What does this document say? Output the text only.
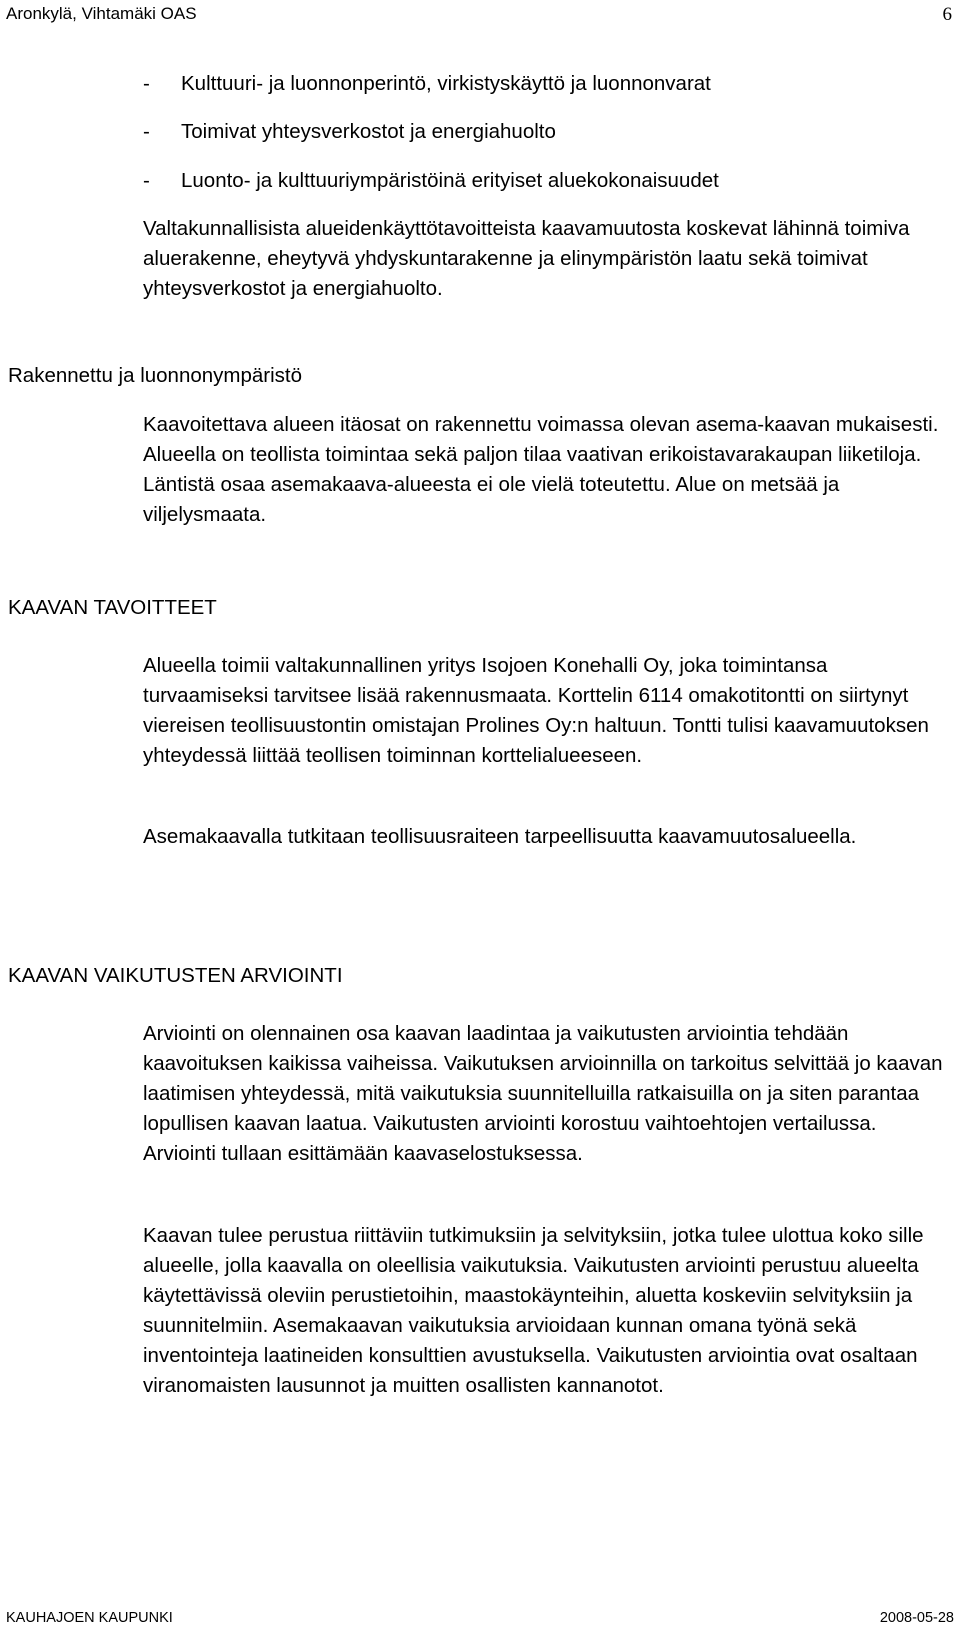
Aronkylä, Vihtamäki OAS	6
- Kulttuuri- ja luonnonperintö, virkistyskäyttö ja luonnonvarat
- Toimivat yhteysverkostot ja energiahuolto
- Luonto- ja kulttuuriympäristöinä erityiset aluekokonaisuudet

Valtakunnallisista alueidenkäyttötavoitteista kaavamuutosta koskevat lähinnä toimiva aluerakenne, eheytyvä yhdyskuntarakenne ja elinympäristön laatu sekä toimivat yhteysverkostot ja energiahuolto.

Rakennettu ja luonnonympäristö

Kaavoitettava alueen itäosat on rakennettu voimassa olevan asema-kaavan mukaisesti. Alueella on teollista toimintaa sekä paljon tilaa vaativan erikoistavarakaupan liiketiloja. Läntistä osaa asemakaava-alueesta ei ole vielä toteutettu. Alue on metsää ja viljelysmaata.

KAAVAN TAVOITTEET

Alueella toimii valtakunnallinen yritys Isojoen Konehalli Oy, joka toimintansa turvaamiseksi tarvitsee lisää rakennusmaata. Korttelin 6114 omakotitontti on siirtynyt viereisen teollisuustontin omistajan Prolines Oy:n haltuun. Tontti tulisi kaavamuutoksen yhteydessä liittää teollisen toiminnan korttelialueeseen.

Asemakaavalla tutkitaan teollisuusraiteen tarpeellisuutta kaavamuutosalueella.

KAAVAN VAIKUTUSTEN ARVIOINTI

Arviointi on olennainen osa kaavan laadintaa ja vaikutusten arviointia tehdään kaavoituksen kaikissa vaiheissa. Vaikutuksen arvioinnilla on tarkoitus selvittää jo kaavan laatimisen yhteydessä, mitä vaikutuksia suunnitelluilla ratkaisuilla on ja siten parantaa lopullisen kaavan laatua. Vaikutusten arviointi korostuu vaihtoehtojen vertailussa. Arviointi tullaan esittämään kaavaselostuksessa.

Kaavan tulee perustua riittäviin tutkimuksiin ja selvityksiin, jotka tulee ulottua koko sille alueelle, jolla kaavalla on oleellisia vaikutuksia. Vaikutusten arviointi perustuu alueelta käytettävissä oleviin perustietoihin, maastokäynteihin, aluetta koskeviin selvityksiin ja suunnitelmiin. Asemakaavan vaikutuksia arvioidaan kunnan omana työnä sekä inventointeja laatineiden konsulttien avustuksella. Vaikutusten arviointia ovat osaltaan viranomaisten lausunnot ja muitten osallisten kannanotot.

KAUHAJOEN KAUPUNKI	2008-05-28
